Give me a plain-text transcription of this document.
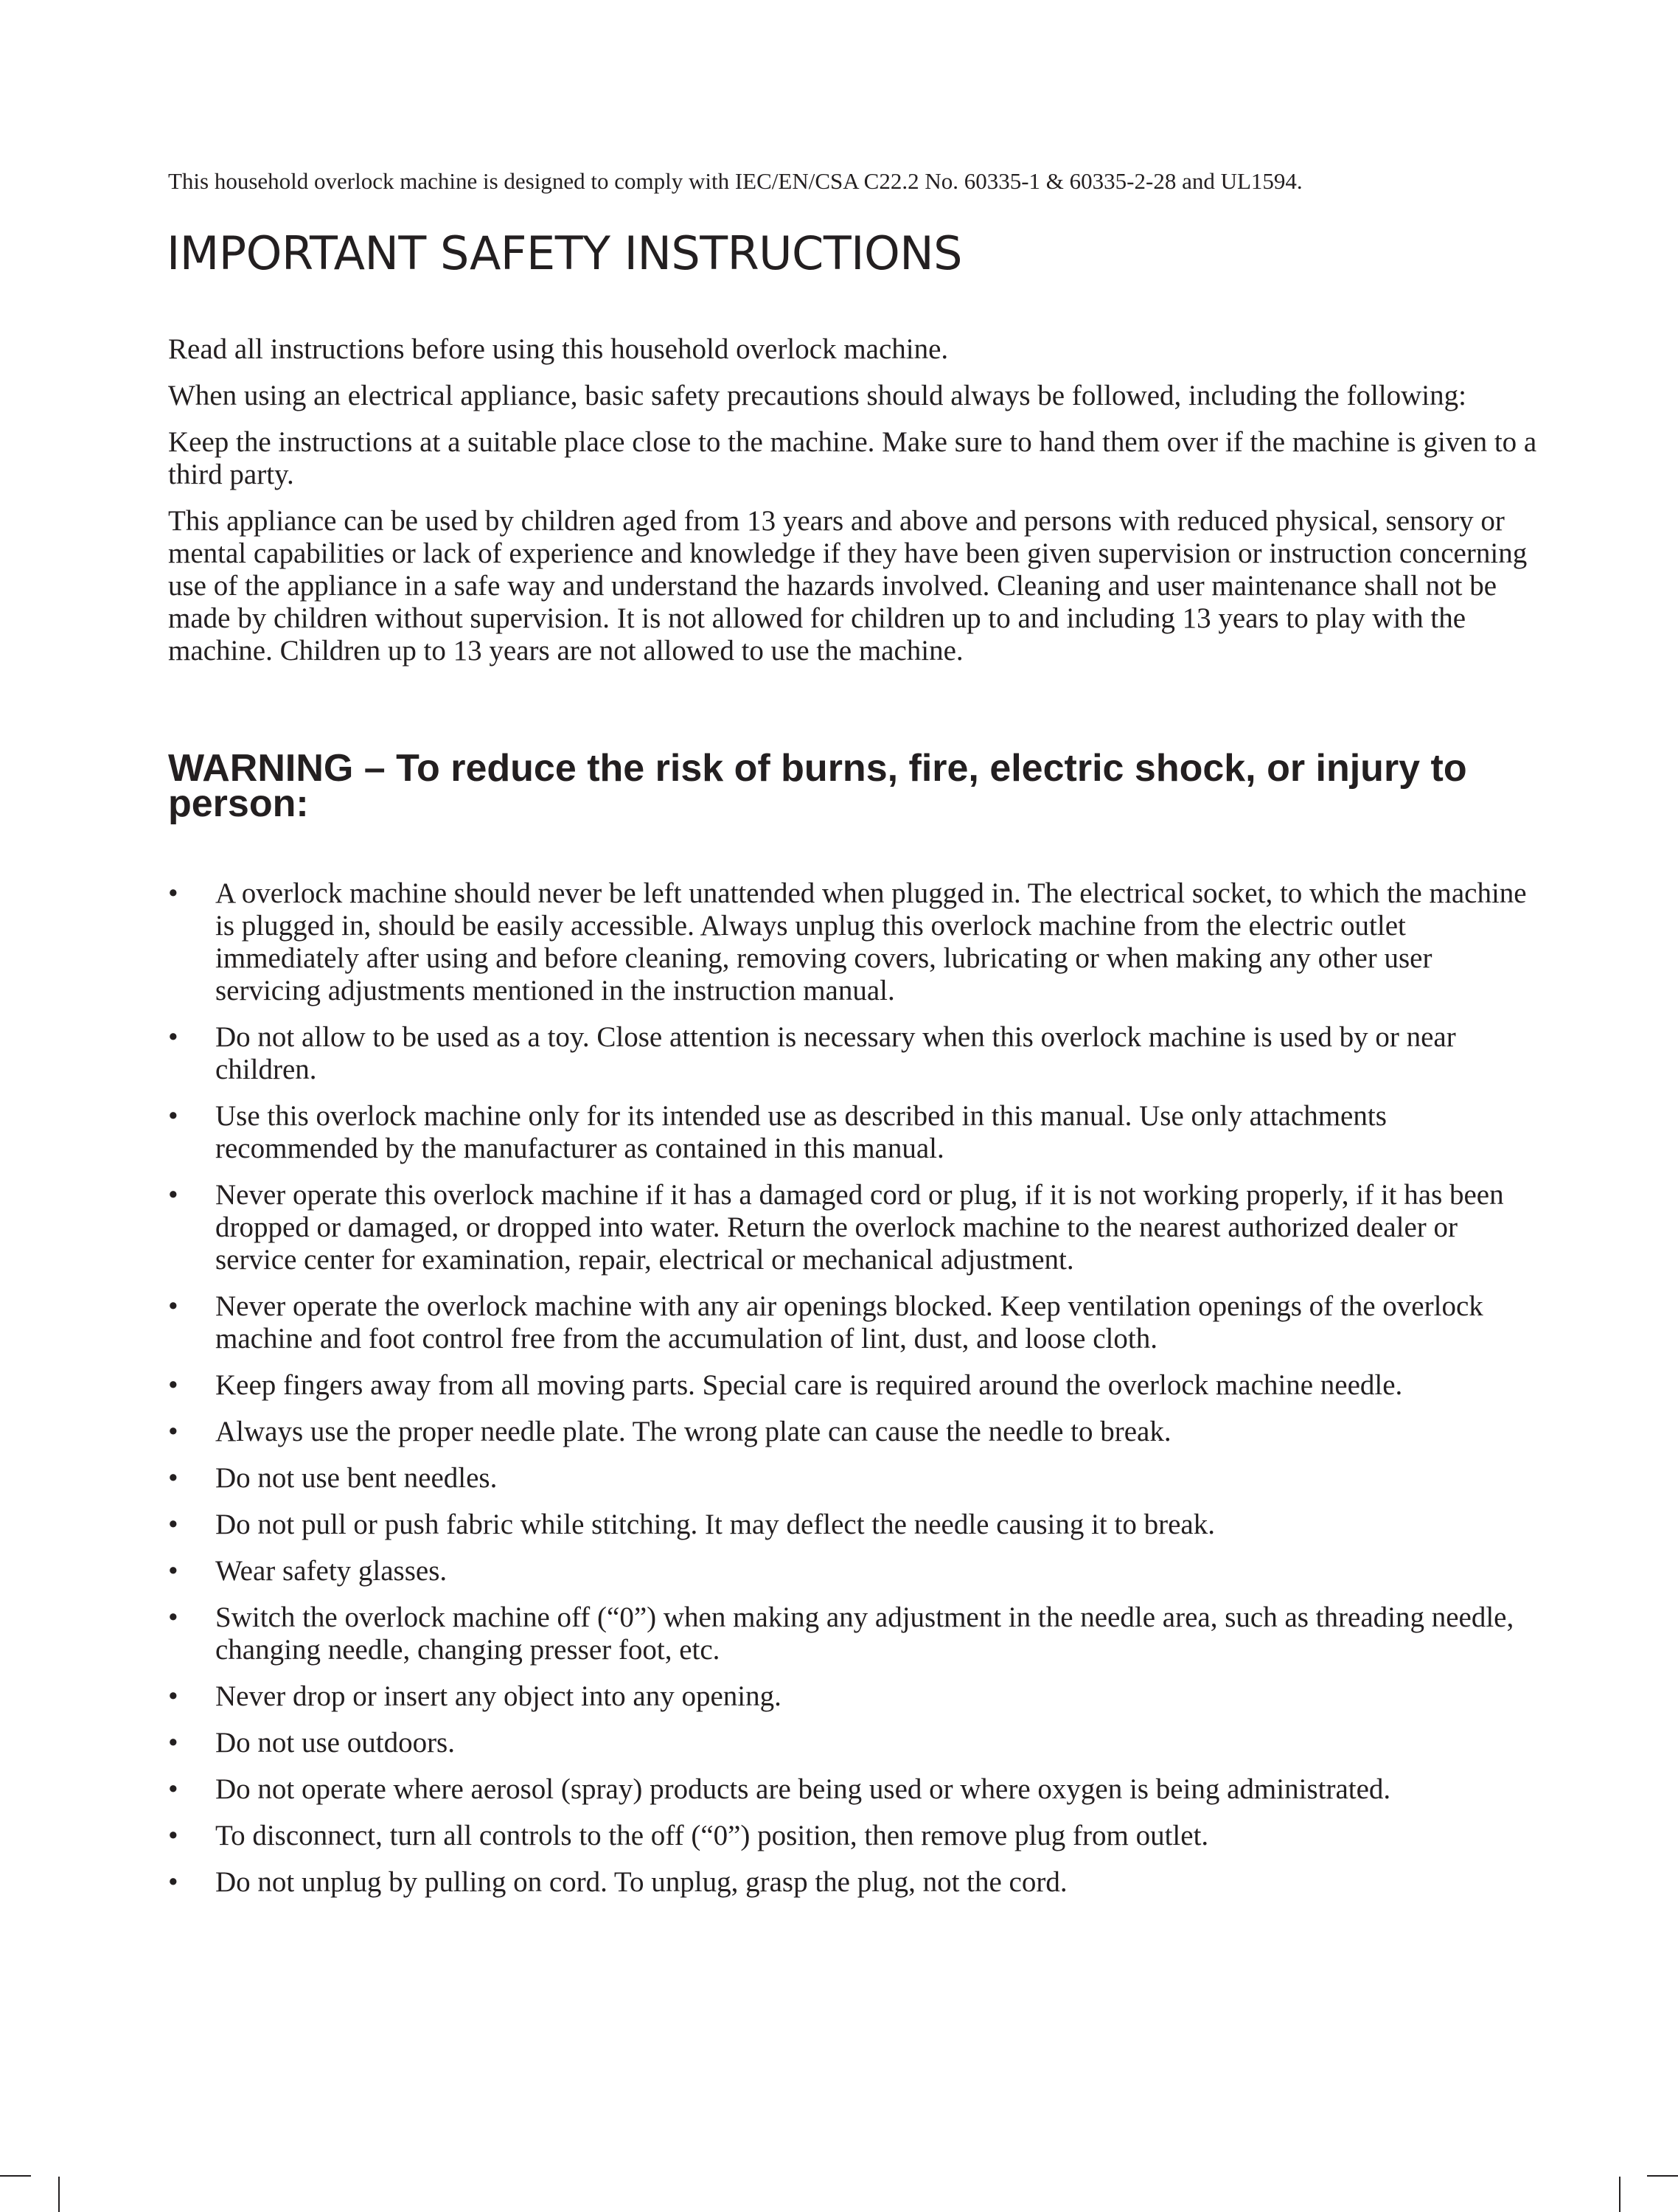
This household overlock machine is designed to comply with IEC/EN/CSA C22.2 No. 60335-1 & 60335-2-28 and UL1594.
IMPORTANT SAFETY INSTRUCTIONS

Read all instructions before using this household overlock machine.

When using an electrical appliance, basic safety precautions should always be followed, including the following:

Keep the instructions at a suitable place close to the machine. Make sure to hand them over if the machine is given to a third party.

This appliance can be used by children aged from 13 years and above and persons with reduced physical, sensory or mental capabilities or lack of experience and knowledge if they have been given supervision or instruction concerning use of the appliance in a safe way and understand the hazards involved. Cleaning and user maintenance shall not be made by children without supervision. It is not allowed for children up to and including 13 years to play with the machine. Children up to 13 years are not allowed to use the machine.

WARNING – To reduce the risk of burns, fire, electric shock, or injury to person:
•	A overlock machine should never be left unattended when plugged in. The electrical socket, to which the machine is plugged in, should be easily accessible. Always unplug this overlock machine from the electric outlet immediately after using and before cleaning, removing covers, lubricating or when making any other user servicing adjustments mentioned in the instruction manual.
•	Do not allow to be used as a toy. Close attention is necessary when this overlock machine is used by or near children.
•	Use this overlock machine only for its intended use as described in this manual. Use only attachments recommended by the manufacturer as contained in this manual.
•	Never operate this overlock machine if it has a damaged cord or plug, if it is not working properly, if it has been dropped or damaged, or dropped into water. Return the overlock machine to the nearest authorized dealer or service center for examination, repair, electrical or mechanical adjustment.
•	Never operate the overlock machine with any air openings blocked. Keep ventilation openings of the overlock machine and foot control free from the accumulation of lint, dust, and loose cloth.
•	Keep fingers away from all moving parts. Special care is required around the overlock machine needle.
•	Always use the proper needle plate. The wrong plate can cause the needle to break.
•	Do not use bent needles.
•	Do not pull or push fabric while stitching. It may deflect the needle causing it to break.
•	Wear safety glasses.
•	Switch the overlock machine off (“0”) when making any adjustment in the needle area, such as threading needle, changing needle, changing presser foot, etc.
•	Never drop or insert any object into any opening.
•	Do not use outdoors.
•	Do not operate where aerosol (spray) products are being used or where oxygen is being administrated.
•	To disconnect, turn all controls to the off (“0”) position, then remove plug from outlet.
•	Do not unplug by pulling on cord. To unplug, grasp the plug, not the cord.
